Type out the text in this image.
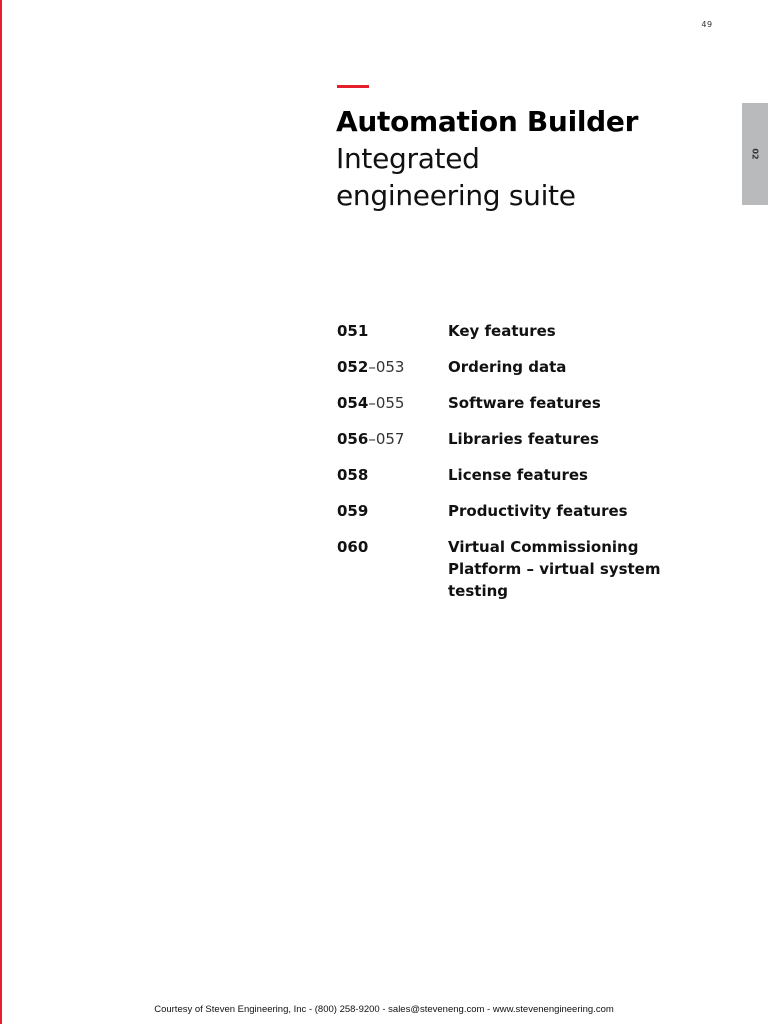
49
02
Automation Builder

Integrated

engineering suite

051	Key features
052–053	Ordering data
054–055	Software features
056–057	Libraries features
058	License features
059	Productivity features
060	Virtual Commissioning Platform – virtual system testing
Courtesy of Steven Engineering, Inc - (800) 258-9200 - sales@steveneng.com - www.stevenengineering.com
